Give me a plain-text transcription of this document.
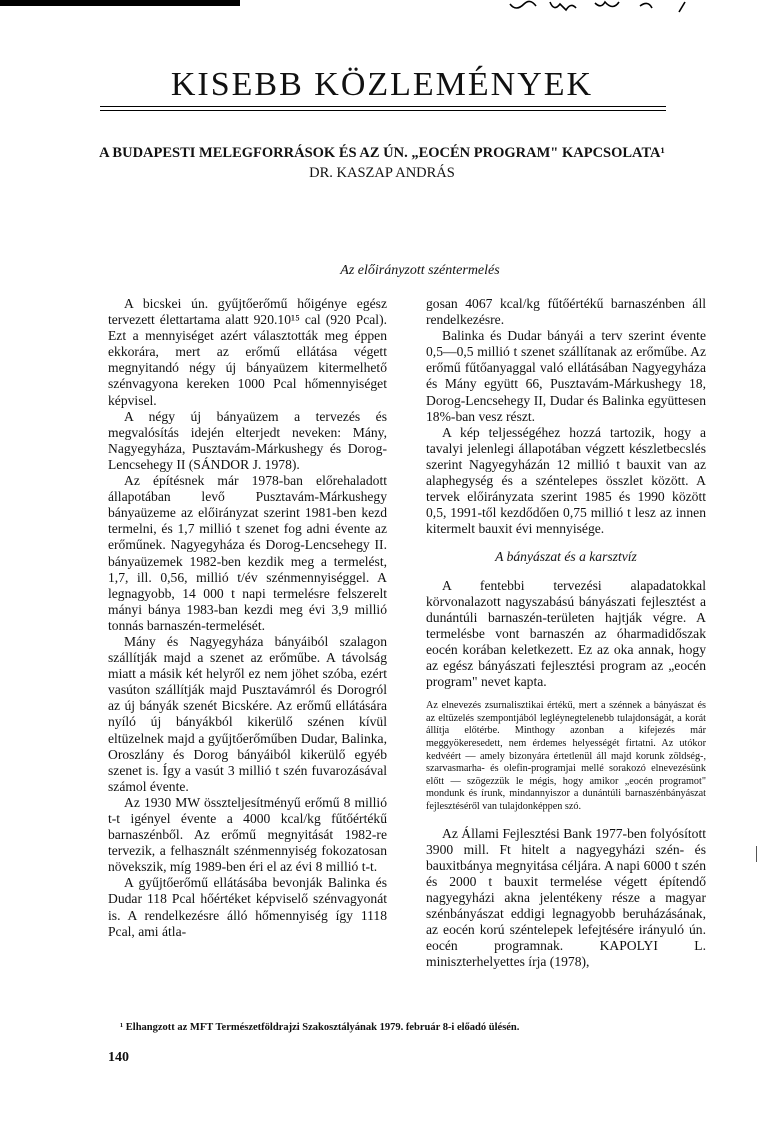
KISEBB KÖZLEMÉNYEK
A BUDAPESTI MELEGFORRÁSOK ÉS AZ ÚN. „EOCÉN PROGRAM" KAPCSOLATA¹
DR. KASZAP ANDRÁS
Az előirányzott széntermelés

A bicskei ún. gyűjtőerőmű hőigénye egész tervezett élettartama alatt 920.10¹⁵ cal (920 Pcal). Ezt a mennyiséget azért választották meg éppen ekkorára, mert az erőmű ellátása végett megnyitandó négy új bányaüzem kitermelhető szénvagyona kereken 1000 Pcal hőmennyiséget képvisel.

A négy új bányaüzem a tervezés és megvalósítás idején elterjedt neveken: Mány, Nagyegyháza, Pusztavám-Márkushegy és Dorog-Lencsehegy II (SÁNDOR J. 1978).

Az építésnek már 1978-ban előrehaladott állapotában levő Pusztavám-Márkushegy bányaüzeme az előirányzat szerint 1981-ben kezd termelni, és 1,7 millió t szenet fog adni évente az erőműnek. Nagyegyháza és Dorog-Lencsehegy II. bányaüzemek 1982-ben kezdik meg a termelést, 1,7, ill. 0,56, millió t/év szénmennyiséggel. A legnagyobb, 14 000 t napi termelésre felszerelt mányi bánya 1983-ban kezdi meg évi 3,9 millió tonnás barnaszén-termelését.

Mány és Nagyegyháza bányáiból szalagon szállítják majd a szenet az erőműbe. A távolság miatt a másik két helyről ez nem jöhet szóba, ezért vasúton szállítják majd Pusztavámról és Dorogról az új bányák szenét Bicskére. Az erőmű ellátására nyíló új bányákból kikerülő szénen kívül eltüzelnek majd a gyűjtőerőműben Dudar, Balinka, Oroszlány és Dorog bányáiból kikerülő egyéb szenet is. Így a vasút 3 millió t szén fuvarozásával számol évente.

Az 1930 MW összteljesítményű erőmű 8 millió t-t igényel évente a 4000 kcal/kg fűtőértékű barnaszénből. Az erőmű megnyitását 1982-re tervezik, a felhasznált szénmennyiség fokozatosan növekszik, míg 1989-ben éri el az évi 8 millió t-t.

A gyűjtőerőmű ellátásába bevonják Balinka és Dudar 118 Pcal hőértéket képviselő szénvagyonát is. A rendelkezésre álló hőmennyiség így 1118 Pcal, ami átla-

gosan 4067 kcal/kg fűtőértékű barnaszénben áll rendelkezésre.

Balinka és Dudar bányái a terv szerint évente 0,5—0,5 millió t szenet szállítanak az erőműbe. Az erőmű fűtőanyaggal való ellátásában Nagyegyháza és Mány együtt 66, Pusztavám-Márkushegy 18, Dorog-Lencsehegy II, Dudar és Balinka együttesen 18%-ban vesz részt.

A kép teljességéhez hozzá tartozik, hogy a tavalyi jelenlegi állapotában végzett készletbecslés szerint Nagyegyházán 12 millió t bauxit van az alaphegység és a széntelepes összlet között. A tervek előirányzata szerint 1985 és 1990 között 0,5, 1991-től kezdődően 0,75 millió t lesz az innen kitermelt bauxit évi mennyisége.

A bányászat és a karsztvíz

A fentebbi tervezési alapadatokkal körvonalazott nagyszabású bányászati fejlesztést a dunántúli barnaszén-területen hajtják végre. A termelésbe vont barnaszén az óharmadidőszak eocén korában keletkezett. Ez az oka annak, hogy az egész bányászati fejlesztési program az „eocén program" nevet kapta.

Az elnevezés zsurnalisztikai értékű, mert a szénnek a bányászat és az eltüzelés szempontjából legléynegtelenebb tulajdonságát, a korát állítja előtérbe. Minthogy azonban a kifejezés már meggyökeresedett, nem érdemes helyességét firtatni. Az utókor kedvéért — amely bizonyára értetlenül áll majd korunk zöldség-, szarvasmarha- és olefin-programjai mellé sorakozó elnevezésünk előtt — szögezzük le mégis, hogy amikor „eocén programot" mondunk és írunk, mindannyiszor a dunántúli barnaszénbányászat fejlesztéséről van tulajdonképpen szó.

Az Állami Fejlesztési Bank 1977-ben folyósított 3900 mill. Ft hitelt a nagyegyházi szén- és bauxitbánya megnyitása céljára. A napi 6000 t szén és 2000 t bauxit termelése végett építendő nagyegyházi akna jelentékeny része a magyar szénbányászat eddigi legnagyobb beruházásának, az eocén korú széntelepek lefejtésére irányuló ún. eocén programnak. KAPOLYI L. miniszterhelyettes írja (1978),

¹ Elhangzott az MFT Természetföldrajzi Szakosztályának 1979. február 8-i előadó ülésén.
140
